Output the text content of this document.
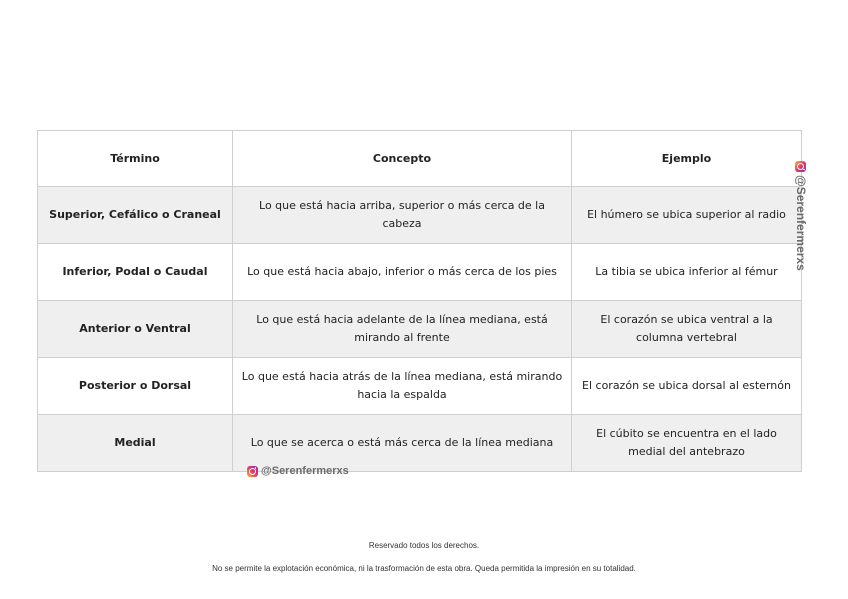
Término	Concepto	Ejemplo
Superior, Cefálico o Craneal	Lo que está hacia arriba, superior o más cerca de la cabeza	El húmero se ubica superior al radio
Inferior, Podal o Caudal	Lo que está hacia abajo, inferior o más cerca de los pies	La tibia se ubica inferior al fémur
Anterior o Ventral	Lo que está hacia adelante de la línea mediana, está mirando al frente	El corazón se ubica ventral a la columna vertebral
Posterior o Dorsal	Lo que está hacia atrás de la línea mediana, está mirando hacia la espalda	El corazón se ubica dorsal al esternón
Medial	Lo que se acerca o está más cerca de la línea mediana	El cúbito se encuentra en el lado medial del antebrazo
@Serenfermerxs
@Serenfermerxs
Reservado todos los derechos.
No se permite la explotación económica, ni la trasformación de esta obra. Queda permitida la impresión en su totalidad.
